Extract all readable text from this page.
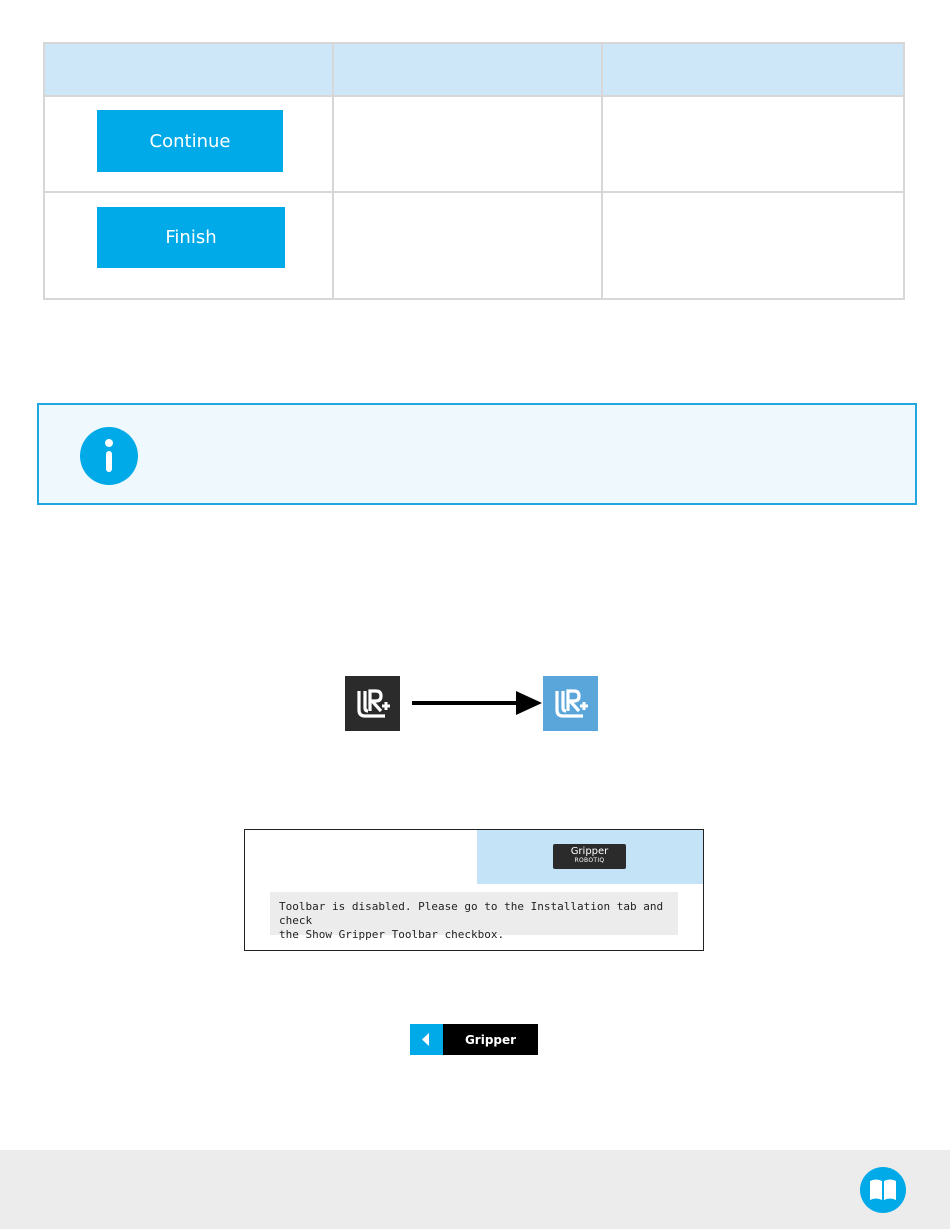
Continue
Finish
Gripper
ROBOTIQ
Toolbar is disabled. Please go to the Installation tab and check
the Show Gripper Toolbar checkbox.
Gripper
